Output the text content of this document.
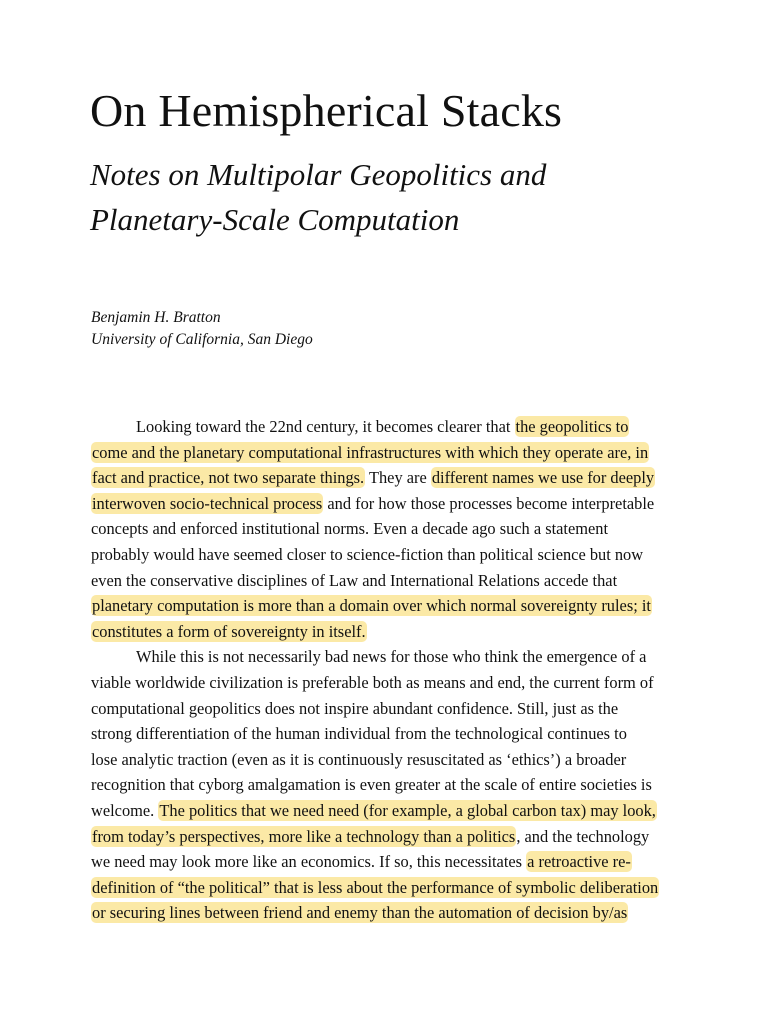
On Hemispherical Stacks
Notes on Multipolar Geopolitics and
Planetary-Scale Computation
Benjamin H. Bratton
University of California, San Diego
Looking toward the 22nd century, it becomes clearer that the geopolitics to
come and the planetary computational infrastructures with which they operate are, in
fact and practice, not two separate things. They are different names we use for deeply
interwoven socio-technical process and for how those processes become interpretable
concepts and enforced institutional norms. Even a decade ago such a statement
probably would have seemed closer to science-fiction than political science but now
even the conservative disciplines of Law and International Relations accede that
planetary computation is more than a domain over which normal sovereignty rules; it
constitutes a form of sovereignty in itself.
While this is not necessarily bad news for those who think the emergence of a
viable worldwide civilization is preferable both as means and end, the current form of
computational geopolitics does not inspire abundant confidence. Still, just as the
strong differentiation of the human individual from the technological continues to
lose analytic traction (even as it is continuously resuscitated as ‘ethics’) a broader
recognition that cyborg amalgamation is even greater at the scale of entire societies is
welcome. The politics that we need need (for example, a global carbon tax) may look,
from today’s perspectives, more like a technology than a politics, and the technology
we need may look more like an economics. If so, this necessitates a retroactive re-
definition of “the political” that is less about the performance of symbolic deliberation
or securing lines between friend and enemy than the automation of decision by/as
